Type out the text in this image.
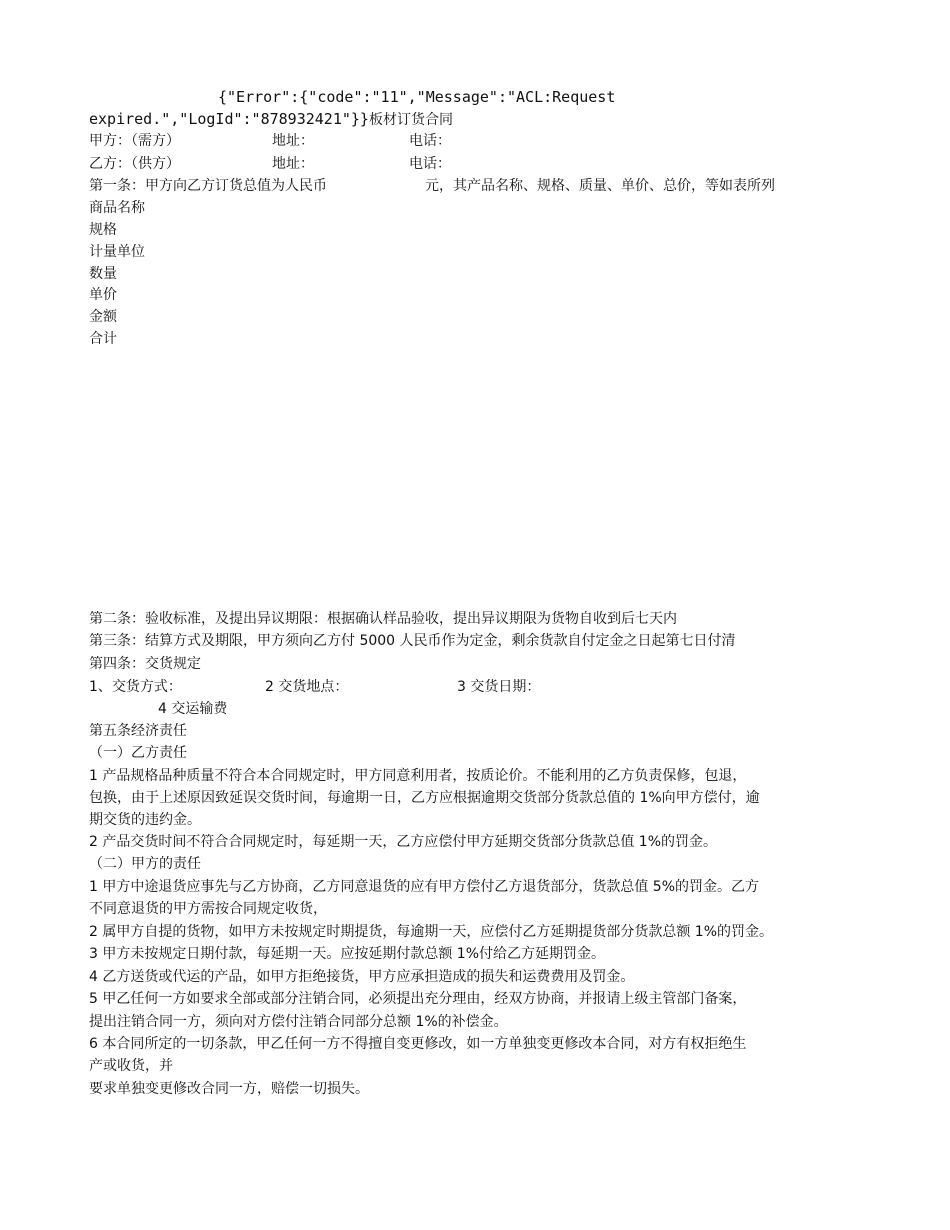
{"Error":{"code":"11","Message":"ACL:Request
expired.","LogId":"878932421"}}板材订货合同
甲方：（需方）	地址：	电话：
乙方：（供方）	地址：	电话：
第一条：甲方向乙方订货总值为人民币	元，其产品名称、规格、质量、单价、总价，等如表所列
商品名称
规格
计量单位
数量
单价
金额
合计
第二条：验收标准，及提出异议期限：根据确认样品验收，提出异议期限为货物自收到后七天内
第三条：结算方式及期限，甲方须向乙方付 5000 人民币作为定金，剩余货款自付定金之日起第七日付清
第四条：交货规定
1、交货方式：	2 交货地点：	3 交货日期：
4 交运输费
第五条经济责任
（一）乙方责任
1 产品规格品种质量不符合本合同规定时，甲方同意利用者，按质论价。不能利用的乙方负责保修，包退，
包换，由于上述原因致延误交货时间，每逾期一日，乙方应根据逾期交货部分货款总值的 1%向甲方偿付，逾
期交货的违约金。
2 产品交货时间不符合合同规定时，每延期一天，乙方应偿付甲方延期交货部分货款总值 1%的罚金。
（二）甲方的责任
1 甲方中途退货应事先与乙方协商，乙方同意退货的应有甲方偿付乙方退货部分，货款总值 5%的罚金。乙方
不同意退货的甲方需按合同规定收货，
2 属甲方自提的货物，如甲方未按规定时期提货，每逾期一天，应偿付乙方延期提货部分货款总额 1%的罚金。
3 甲方未按规定日期付款，每延期一天。应按延期付款总额 1%付给乙方延期罚金。
4 乙方送货或代运的产品，如甲方拒绝接货，甲方应承担造成的损失和运费费用及罚金。
5 甲乙任何一方如要求全部或部分注销合同，必须提出充分理由，经双方协商，并报请上级主管部门备案，
提出注销合同一方，须向对方偿付注销合同部分总额 1%的补偿金。
6 本合同所定的一切条款，甲乙任何一方不得擅自变更修改，如一方单独变更修改本合同，对方有权拒绝生
产或收货，并
要求单独变更修改合同一方，赔偿一切损失。
